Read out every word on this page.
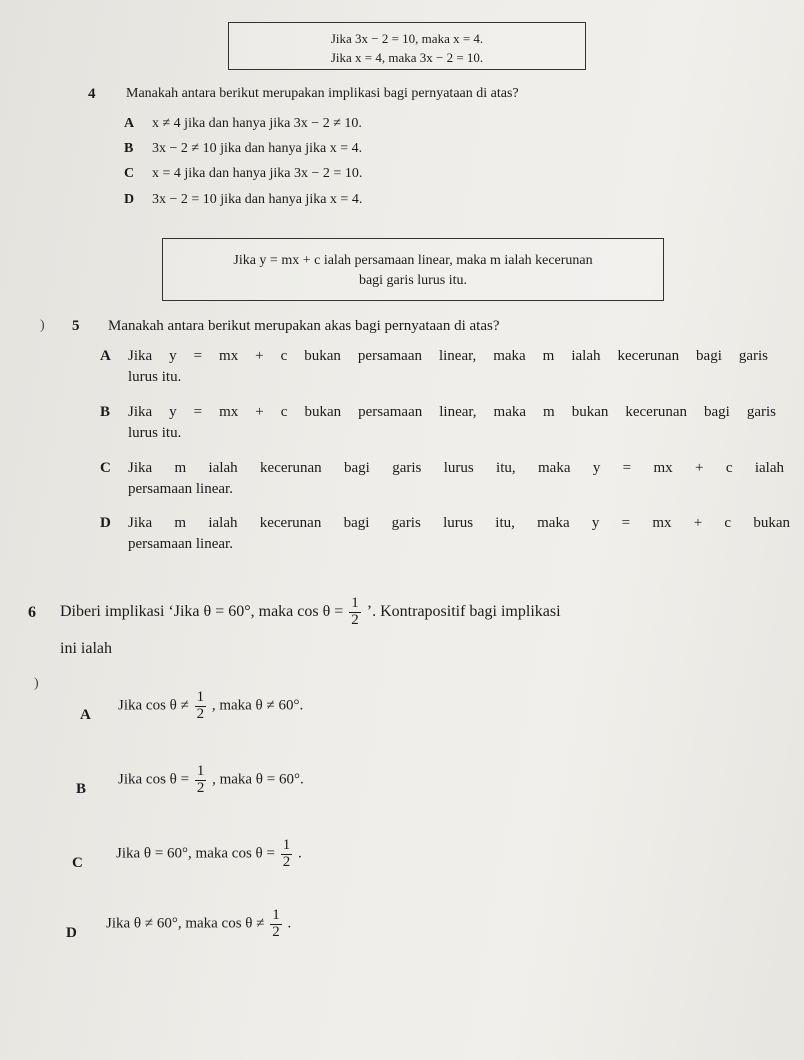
Jika 3x − 2 = 10, maka x = 4.
Jika x = 4, maka 3x − 2 = 10.
4 Manakah antara berikut merupakan implikasi bagi pernyataan di atas?
A x ≠ 4 jika dan hanya jika 3x − 2 ≠ 10.
B 3x − 2 ≠ 10 jika dan hanya jika x = 4.
C x = 4 jika dan hanya jika 3x − 2 = 10.
D 3x − 2 = 10 jika dan hanya jika x = 4.
Jika y = mx + c ialah persamaan linear, maka m ialah kecerunan
bagi garis lurus itu.
) 5 Manakah antara berikut merupakan akas bagi pernyataan di atas?
A Jika y = mx + c bukan persamaan linear, maka m ialah kecerunan bagi garis
lurus itu.
B Jika y = mx + c bukan persamaan linear, maka m bukan kecerunan bagi garis
lurus itu.
C Jika m ialah kecerunan bagi garis lurus itu, maka y = mx + c ialah
persamaan linear.
D Jika m ialah kecerunan bagi garis lurus itu, maka y = mx + c bukan
persamaan linear.
6 Diberi implikasi ‘Jika θ = 60°, maka $\cos \theta = \frac{1}{2}$ ’. Kontrapositif bagi implikasi
ini ialah
)
A
Jika $\cos \theta \ne \frac{1}{2}$ , maka θ ≠ 60°.
B
Jika $\cos \theta = \frac{1}{2}$ , maka θ = 60°.
C
Jika θ = 60°, maka $\cos \theta = \frac{1}{2}$ .
D
Jika θ ≠ 60°, maka $\cos \theta \ne \frac{1}{2}$ .
